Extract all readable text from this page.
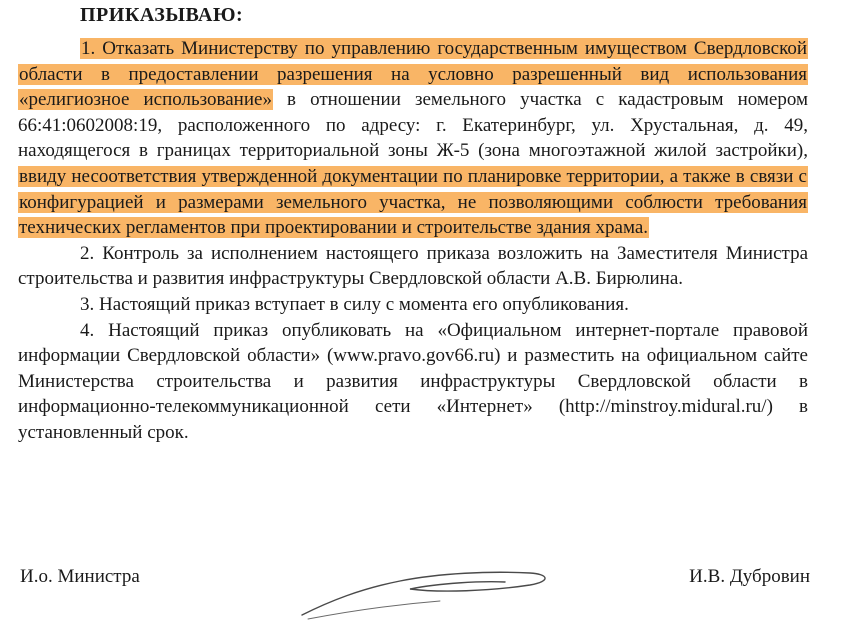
ПРИКАЗЫВАЮ:

1. Отказать Министерству по управлению государственным имуществом Свердловской области в предоставлении разрешения на условно разрешенный вид использования «религиозное использование» в отношении земельного участка с кадастровым номером 66:41:0602008:19, расположенного по адресу: г. Екатеринбург, ул. Хрустальная, д. 49, находящегося в границах территориальной зоны Ж-5 (зона многоэтажной жилой застройки), ввиду несоответствия утвержденной документации по планировке территории, а также в связи с конфигурацией и размерами земельного участка, не позволяющими соблюсти требования технических регламентов при проектировании и строительстве здания храма.

2. Контроль за исполнением настоящего приказа возложить на Заместителя Министра строительства и развития инфраструктуры Свердловской области А.В. Бирюлина.

3. Настоящий приказ вступает в силу с момента его опубликования.

4. Настоящий приказ опубликовать на «Официальном интернет-портале правовой информации Свердловской области» (www.pravo.gov66.ru) и разместить на официальном сайте Министерства строительства и развития инфраструктуры Свердловской области в информационно-телекоммуникационной сети «Интернет» (http://minstroy.midural.ru/) в установленный срок.

И.о. Министра	И.В. Дубровин
